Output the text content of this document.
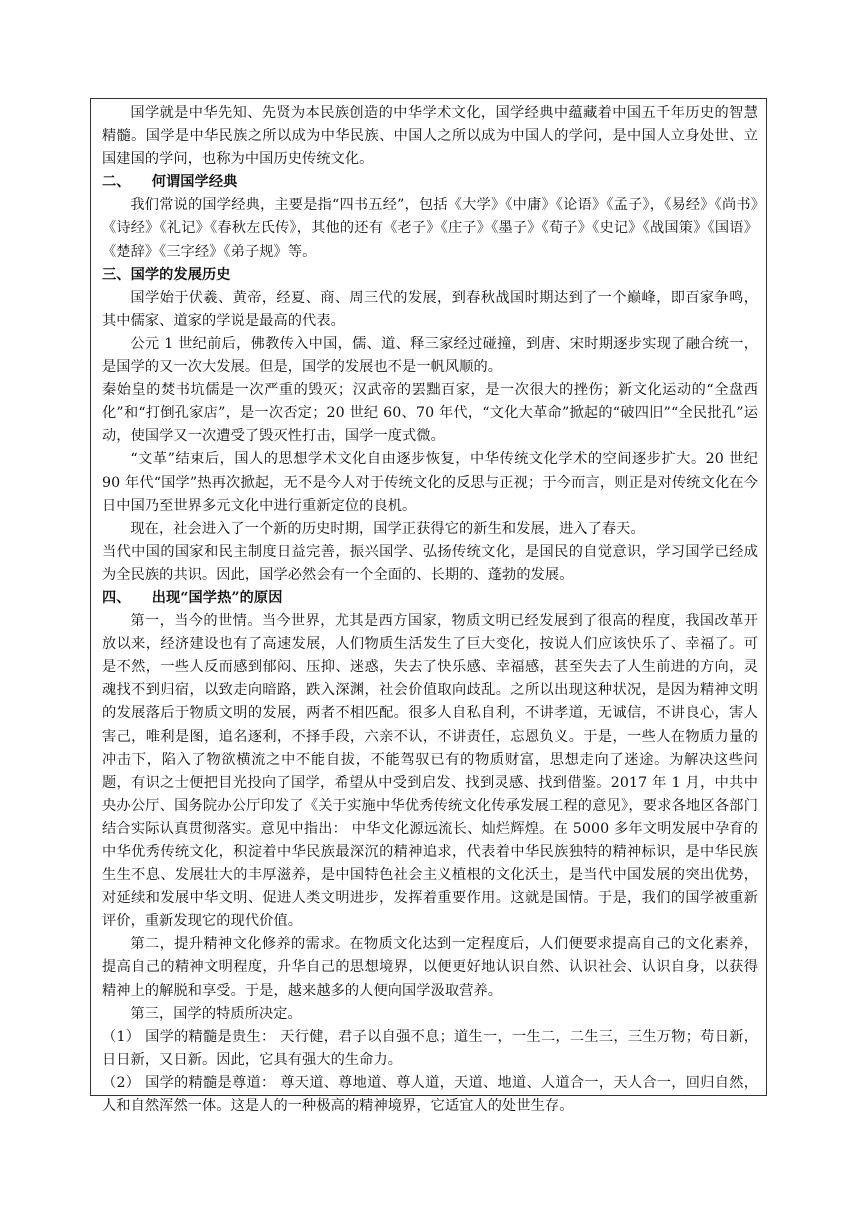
国学就是中华先知、先贤为本民族创造的中华学术文化，国学经典中蕴藏着中国五千年历史的智慧精髓。国学是中华民族之所以成为中华民族、中国人之所以成为中国人的学问，是中国人立身处世、立国建国的学问，也称为中国历史传统文化。

二、 何谓国学经典

我们常说的国学经典，主要是指“四书五经”，包括《大学》《中庸》《论语》《孟子》，《易经》《尚书》《诗经》《礼记》《春秋左氏传》，其他的还有《老子》《庄子》《墨子》《荀子》《史记》《战国策》《国语》《楚辞》《三字经》《弟子规》等。

三、国学的发展历史

国学始于伏羲、黄帝，经夏、商、周三代的发展，到春秋战国时期达到了一个巅峰，即百家争鸣，其中儒家、道家的学说是最高的代表。

公元 1 世纪前后，佛教传入中国，儒、道、释三家经过碰撞，到唐、宋时期逐步实现了融合统一，是国学的又一次大发展。但是，国学的发展也不是一帆风顺的。

秦始皇的焚书坑儒是一次严重的毁灭；汉武帝的罢黜百家，是一次很大的挫伤；新文化运动的“全盘西化”和“打倒孔家店”，是一次否定；20 世纪 60、70 年代，“文化大革命”掀起的“破四旧”“全民批孔”运动，使国学又一次遭受了毁灭性打击，国学一度式微。

“文革”结束后，国人的思想学术文化自由逐步恢复，中华传统文化学术的空间逐步扩大。20 世纪 90 年代“国学”热再次掀起，无不是今人对于传统文化的反思与正视；于今而言，则正是对传统文化在今日中国乃至世界多元文化中进行重新定位的良机。

现在，社会进入了一个新的历史时期，国学正获得它的新生和发展，进入了春天。

当代中国的国家和民主制度日益完善，振兴国学、弘扬传统文化，是国民的自觉意识，学习国学已经成为全民族的共识。因此，国学必然会有一个全面的、长期的、蓬勃的发展。

四、 出现“国学热”的原因

第一，当今的世情。当今世界，尤其是西方国家，物质文明已经发展到了很高的程度，我国改革开放以来，经济建设也有了高速发展，人们物质生活发生了巨大变化，按说人们应该快乐了、幸福了。可是不然，一些人反而感到郁闷、压抑、迷惑，失去了快乐感、幸福感，甚至失去了人生前进的方向，灵魂找不到归宿，以致走向暗路，跌入深渊，社会价值取向歧乱。之所以出现这种状况，是因为精神文明的发展落后于物质文明的发展，两者不相匹配。很多人自私自利，不讲孝道，无诚信，不讲良心，害人害己，唯利是图，追名逐利，不择手段，六亲不认，不讲责任，忘恩负义。于是，一些人在物质力量的冲击下，陷入了物欲横流之中不能自拔，不能驾驭已有的物质财富，思想走向了迷途。为解决这些问题，有识之士便把目光投向了国学，希望从中受到启发、找到灵感、找到借鉴。2017 年 1 月，中共中央办公厅、国务院办公厅印发了《关于实施中华优秀传统文化传承发展工程的意见》，要求各地区各部门结合实际认真贯彻落实。意见中指出： 中华文化源远流长、灿烂辉煌。在 5000 多年文明发展中孕育的中华优秀传统文化，积淀着中华民族最深沉的精神追求，代表着中华民族独特的精神标识，是中华民族生生不息、发展壮大的丰厚滋养，是中国特色社会主义植根的文化沃土，是当代中国发展的突出优势，对延续和发展中华文明、促进人类文明进步，发挥着重要作用。这就是国情。于是，我们的国学被重新评价，重新发现它的现代价值。

第二，提升精神文化修养的需求。在物质文化达到一定程度后，人们便要求提高自己的文化素养，提高自己的精神文明程度，升华自己的思想境界，以便更好地认识自然、认识社会、认识自身，以获得精神上的解脱和享受。于是，越来越多的人便向国学汲取营养。

第三，国学的特质所决定。

（1） 国学的精髓是贵生： 天行健，君子以自强不息；道生一，一生二，二生三，三生万物；苟日新，日日新，又日新。因此，它具有强大的生命力。

（2） 国学的精髓是尊道： 尊天道、尊地道、尊人道，天道、地道、人道合一，天人合一，回归自然，人和自然浑然一体。这是人的一种极高的精神境界，它适宜人的处世生存。
